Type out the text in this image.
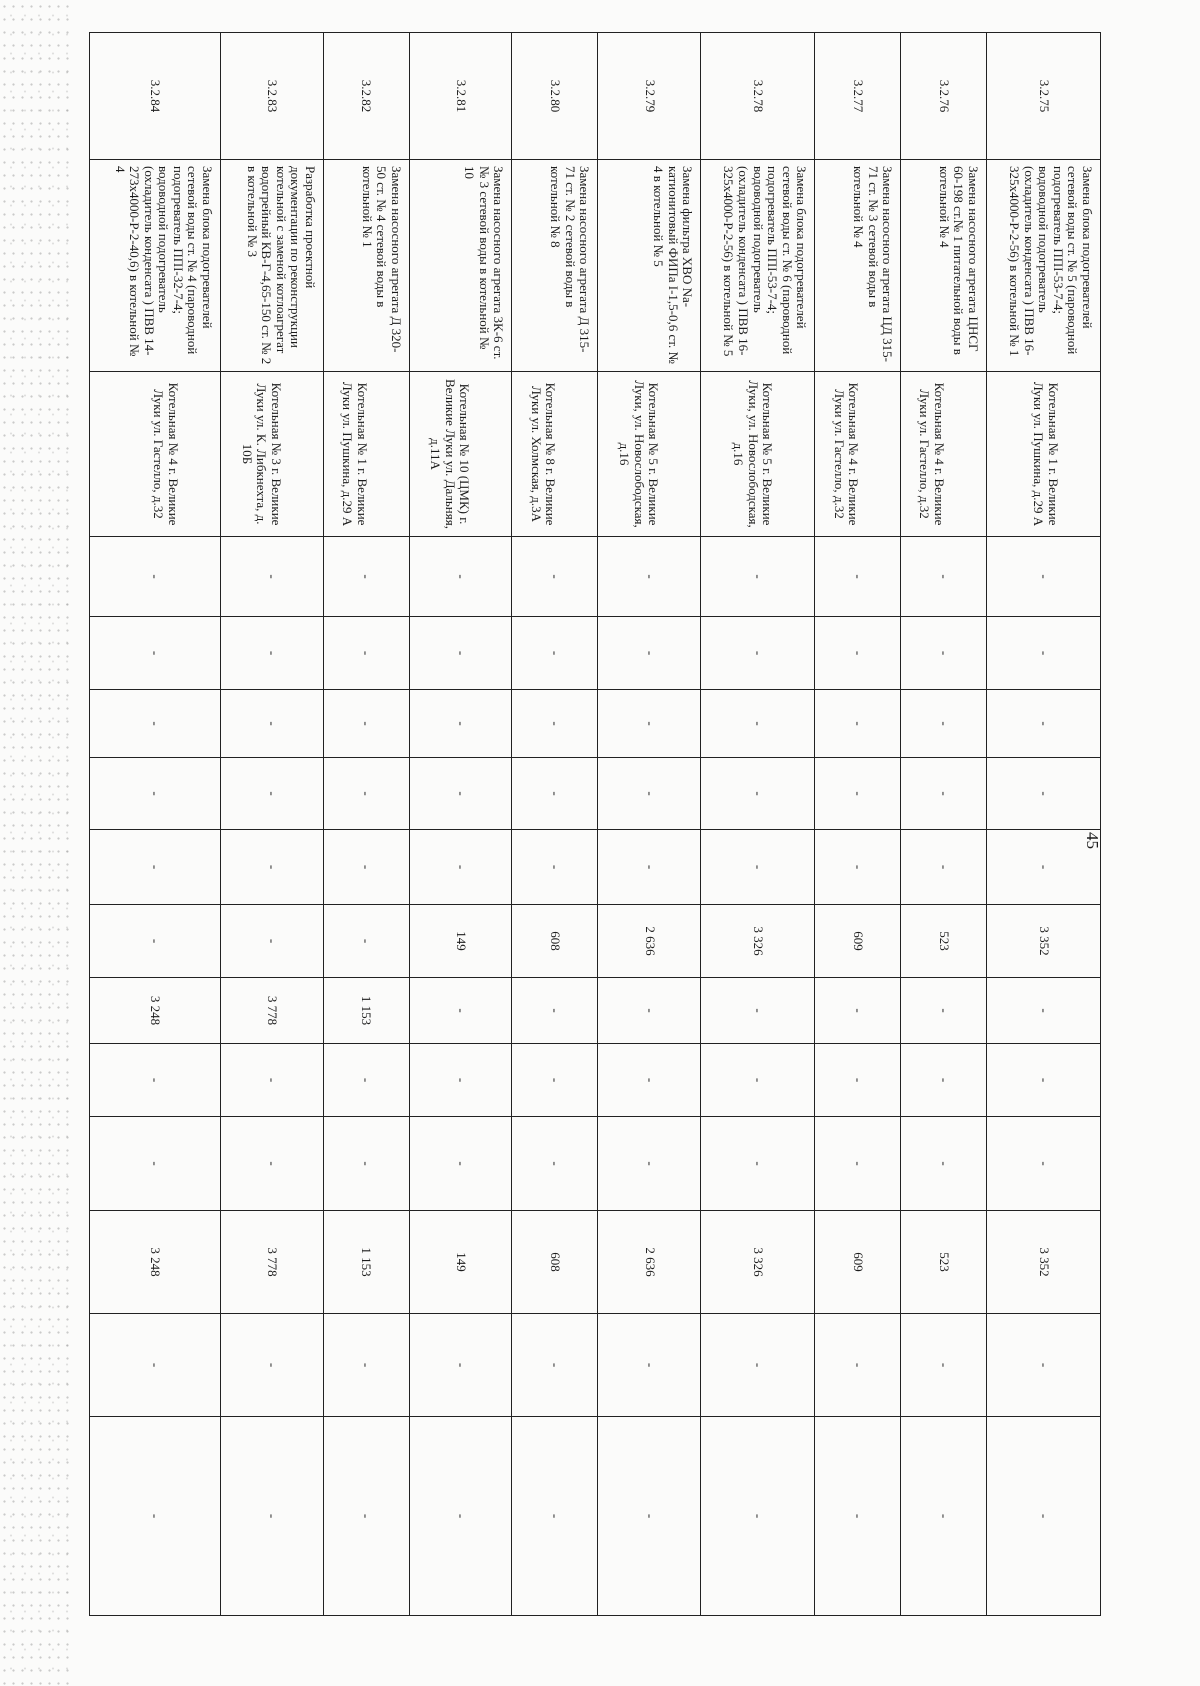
45
3.2.75	Замена блока подогревателей сетевой воды ст. № 5 (пароводной подогреватель ППI-53-7-4; водоводной подогреватель (охладитель конденсата ) ПВВ 16-325х4000-Р-2-56) в котельной № 1	Котельная № 1 г. Великие Луки ул. Пушкина, д.29 А	-	-	-	-	-	3 352	-	-	-	3 352	-	-
3.2.76	Замена насосного агрегата ЦНСГ 60-198 ст.№ 1 питательной воды в котельной № 4	Котельная № 4 г. Великие Луки ул. Гастелло, д.32	-	-	-	-	-	523	-	-	-	523	-	-
3.2.77	Замена насосного агрегата ЦД 315-71 ст. № 3 сетевой воды в котельной № 4	Котельная № 4 г. Великие Луки ул. Гастелло, д.32	-	-	-	-	-	609	-	-	-	609	-	-
3.2.78	Замена блока подогревателей сетевой воды ст. № 6 (пароводной подогреватель ППI-53-7-4; водоводной подогреватель (охладитель конденсата ) ПВВ 16-325х4000-Р-2-56) в котельной № 5	Котельная № 5 г. Великие Луки, ул. Новослободская, д.16	-	-	-	-	-	3 326	-	-	-	3 326	-	-
3.2.79	Замена фильтра ХВО Na-катионитовый ФИПа I-1,5-0,6 ст. № 4 в котельной № 5	Котельная № 5 г. Великие Луки, ул. Новослободская, д.16	-	-	-	-	-	2 636	-	-	-	2 636	-	-
3.2.80	Замена насосного агрегата Д 315-71 ст. № 2 сетевой воды в котельной № 8	Котельная № 8 г. Великие Луки ул. Холмская, д.3А	-	-	-	-	-	608	-	-	-	608	-	-
3.2.81	Замена насосного агрегата 3К-6 ст. № 3 сетевой воды в котельной № 10	Котельная № 10 (ЦМК) г. Великие Луки ул. Дальняя, д.11А	-	-	-	-	-	149	-	-	-	149	-	-
3.2.82	Замена насосного агрегата Д 320-50 ст. № 4 сетевой воды в котельной № 1	Котельная № 1 г. Великие Луки ул. Пушкина, д.29 А	-	-	-	-	-	-	1 153	-	-	1 153	-	-
3.2.83	Разработка проектной документации по реконструкции котельной с заменой котлоагрегат водогрейный КВ-Г-4,65-150 ст. № 2 в котельной № 3	Котельная № 3 г. Великие Луки ул. К. Либкнехта, д. 10Б	-	-	-	-	-	-	3 778	-	-	3 778	-	-
3.2.84	Замена блока подогревателей сетевой воды ст. № 4 (пароводной подогреватель ППI-32-7-4; водоводной подогреватель (охладитель конденсата ) ПВВ 14- 273х4000-Р-2-40,6) в котельной № 4	Котельная № 4 г. Великие Луки ул. Гастелло, д.32	-	-	-	-	-	-	3 248	-	-	3 248	-	-
